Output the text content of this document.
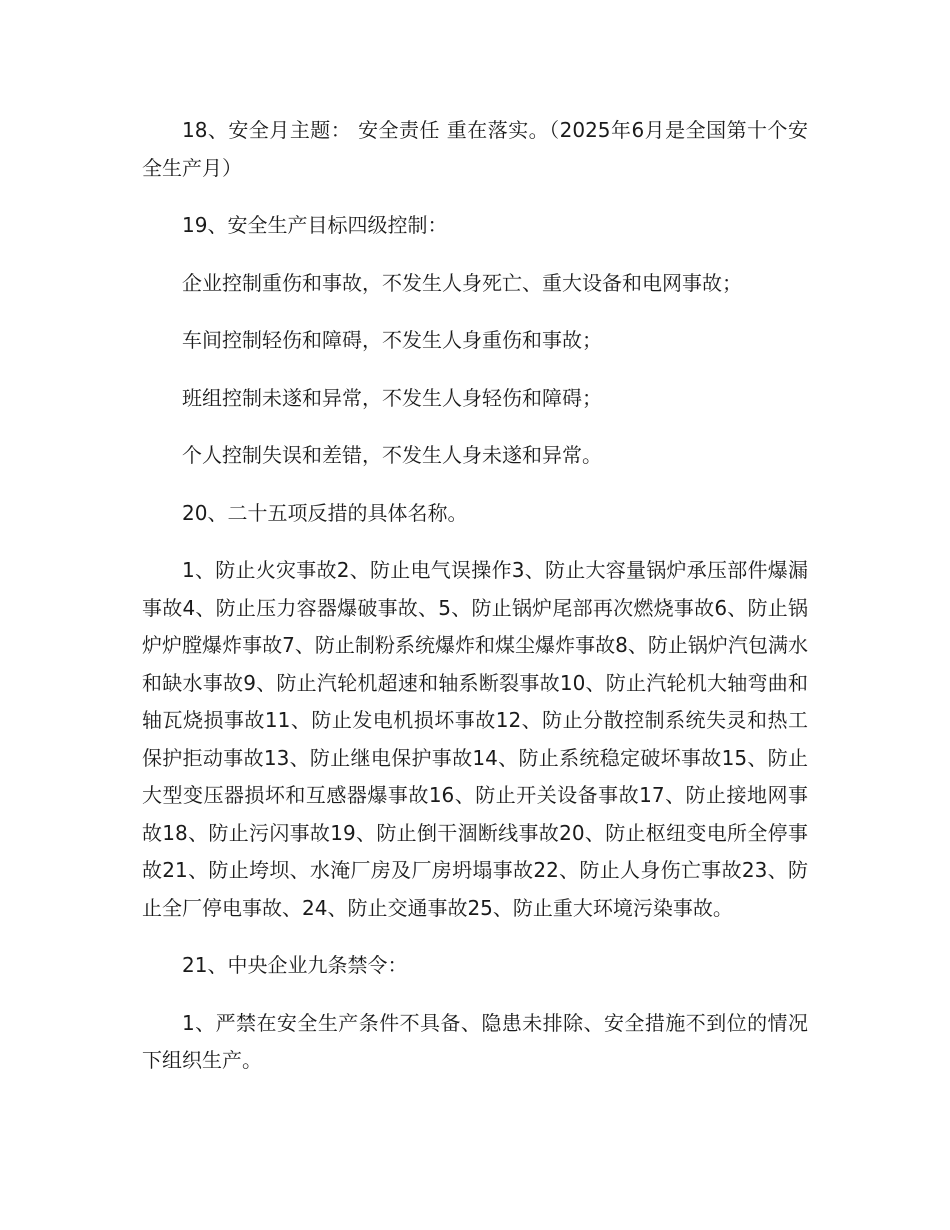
18、安全月主题： 安全责任 重在落实。（2025年6月是全国第十个安全生产月）

19、安全生产目标四级控制：

企业控制重伤和事故，不发生人身死亡、重大设备和电网事故；

车间控制轻伤和障碍，不发生人身重伤和事故；

班组控制未遂和异常，不发生人身轻伤和障碍；

个人控制失误和差错，不发生人身未遂和异常。

20、二十五项反措的具体名称。

1、防止火灾事故2、防止电气误操作3、防止大容量锅炉承压部件爆漏事故4、防止压力容器爆破事故、5、防止锅炉尾部再次燃烧事故6、防止锅炉炉膛爆炸事故7、防止制粉系统爆炸和煤尘爆炸事故8、防止锅炉汽包满水和缺水事故9、防止汽轮机超速和轴系断裂事故10、防止汽轮机大轴弯曲和轴瓦烧损事故11、防止发电机损坏事故12、防止分散控制系统失灵和热工保护拒动事故13、防止继电保护事故14、防止系统稳定破坏事故15、防止大型变压器损坏和互感器爆事故16、防止开关设备事故17、防止接地网事故18、防止污闪事故19、防止倒干涸断线事故20、防止枢纽变电所全停事故21、防止垮坝、水淹厂房及厂房坍塌事故22、防止人身伤亡事故23、防止全厂停电事故、24、防止交通事故25、防止重大环境污染事故。

21、中央企业九条禁令：

1、严禁在安全生产条件不具备、隐患未排除、安全措施不到位的情况下组织生产。
